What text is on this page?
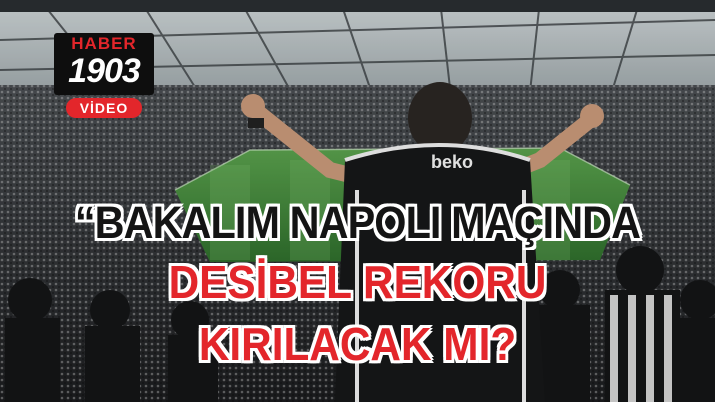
beko
HABER
1903
VİDEO
“BAKALIM NAPOLI MAÇINDA
DESİBEL REKORU
KIRILACAK MI?
